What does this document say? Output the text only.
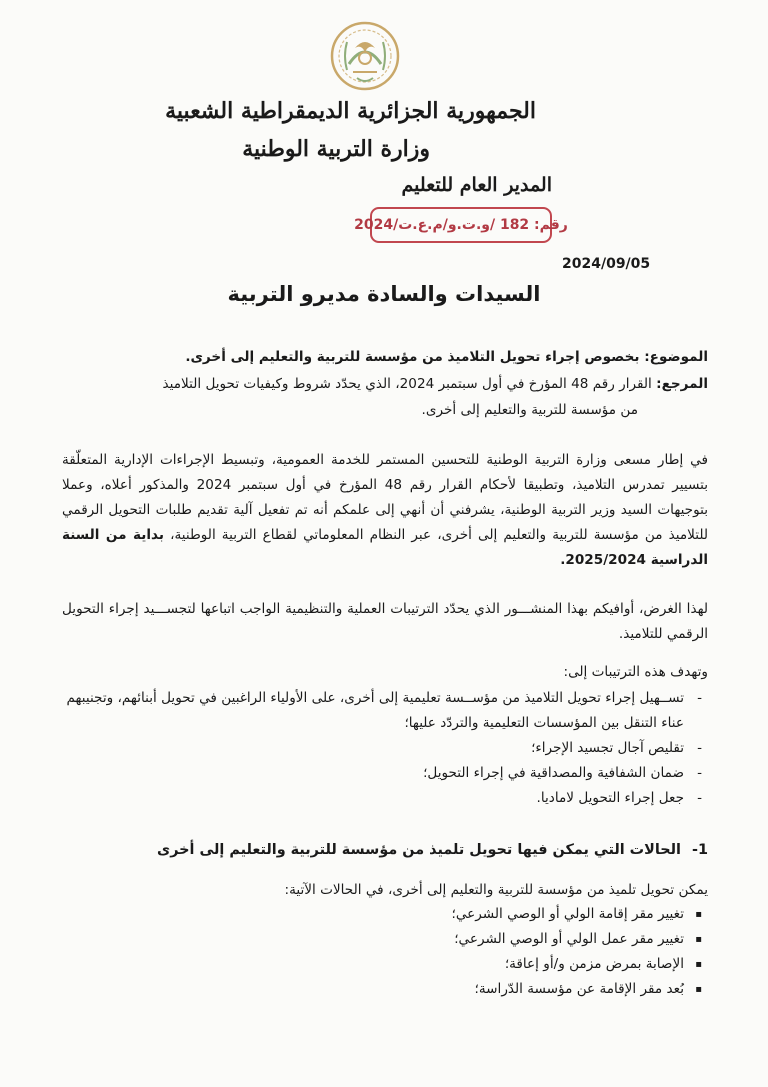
الجمهورية الجزائرية الديمقراطية الشعبية
وزارة التربية الوطنية
المدير العام للتعليم
رقم: 182 /و.ت.و/م.ع.ت/2024
2024/09/05
السيدات والسادة مديرو التربية
الموضوع: بخصوص إجراء تحويل التلاميذ من مؤسسة للتربية والتعليم إلى أخرى.
المرجع: القرار رقم 48 المؤرخ في أول سبتمبر 2024، الذي يحدّد شروط وكيفيات تحويل التلاميذ
من مؤسسة للتربية والتعليم إلى أخرى.
في إطار مسعى وزارة التربية الوطنية للتحسين المستمر للخدمة العمومية، وتبسيط الإجراءات الإدارية المتعلّقة بتسيير تمدرس التلاميذ، وتطبيقا لأحكام القرار رقم 48 المؤرخ في أول سبتمبر 2024 والمذكور أعلاه، وعملا بتوجيهات السيد وزير التربية الوطنية، يشرفني أن أنهي إلى علمكم أنه تم تفعيل آلية تقديم طلبات التحويل الرقمي للتلاميذ من مؤسسة للتربية والتعليم إلى أخرى، عبر النظام المعلوماتي لقطاع التربية الوطنية، بداية من السنة الدراسية 2025/2024.
لهذا الغرض، أوافيكم بهذا المنشـــور الذي يحدّد الترتيبات العملية والتنظيمية الواجب اتباعها لتجســـيد إجراء التحويل الرقمي للتلاميذ.
وتهدف هذه الترتيبات إلى:
- تســهيل إجراء تحويل التلاميذ من مؤســسة تعليمية إلى أخرى، على الأولياء الراغبين في تحويل أبنائهم، وتجنيبهم عناء التنقل بين المؤسسات التعليمية والتردّد عليها؛
- تقليص آجال تجسيد الإجراء؛
- ضمان الشفافية والمصداقية في إجراء التحويل؛
- جعل إجراء التحويل لاماديا.
1- الحالات التي يمكن فيها تحويل تلميذ من مؤسسة للتربية والتعليم إلى أخرى
يمكن تحويل تلميذ من مؤسسة للتربية والتعليم إلى أخرى، في الحالات الآتية:
▪ تغيير مقر إقامة الولي أو الوصي الشرعي؛
▪ تغيير مقر عمل الولي أو الوصي الشرعي؛
▪ الإصابة بمرض مزمن و/أو إعاقة؛
▪ بُعد مقر الإقامة عن مؤسسة الدّراسة؛
